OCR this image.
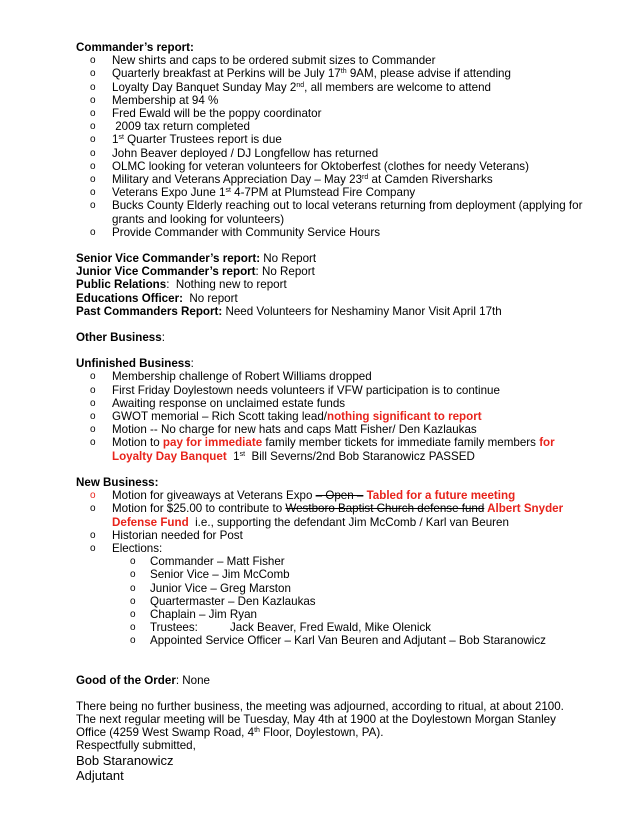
Commander’s report:
o New shirts and caps to be ordered submit sizes to Commander
o Quarterly breakfast at Perkins will be July 17th 9AM, please advise if attending
o Loyalty Day Banquet Sunday May 2nd, all members are welcome to attend
o Membership at 94 %
o Fred Ewald will be the poppy coordinator
o  2009 tax return completed
o 1st Quarter Trustees report is due
o John Beaver deployed / DJ Longfellow has returned
o OLMC looking for veteran volunteers for Oktoberfest (clothes for needy Veterans)
o Military and Veterans Appreciation Day – May 23rd at Camden Riversharks
o Veterans Expo June 1st 4-7PM at Plumstead Fire Company
o Bucks County Elderly reaching out to local veterans returning from deployment (applying for grants and looking for volunteers)
o Provide Commander with Community Service Hours
Senior Vice Commander’s report: No Report
Junior Vice Commander’s report: No Report
Public Relations:  Nothing new to report
Educations Officer:  No report
Past Commanders Report: Need Volunteers for Neshaminy Manor Visit April 17th
Other Business:
Unfinished Business:
o Membership challenge of Robert Williams dropped
o First Friday Doylestown needs volunteers if VFW participation is to continue
o Awaiting response on unclaimed estate funds
o GWOT memorial – Rich Scott taking lead/nothing significant to report
o Motion -- No charge for new hats and caps Matt Fisher/ Den Kazlaukas
o Motion to pay for immediate family member tickets for immediate family members for Loyalty Day Banquet  1st  Bill Severns/2nd Bob Staranowicz PASSED
New Business:
o Motion for giveaways at Veterans Expo – Open – Tabled for a future meeting
o Motion for $25.00 to contribute to Westboro Baptist Church defense fund Albert Snyder Defense Fund  i.e., supporting the defendant Jim McComb / Karl van Beuren
o Historian needed for Post
o Elections:
o Commander – Matt Fisher
o Senior Vice – Jim McComb
o Junior Vice – Greg Marston
o Quartermaster – Den Kazlaukas
o Chaplain – Jim Ryan
o Trustees:	Jack Beaver, Fred Ewald, Mike Olenick
o Appointed Service Officer – Karl Van Beuren and Adjutant – Bob Staranowicz
Good of the Order: None
There being no further business, the meeting was adjourned, according to ritual, at about 2100.
The next regular meeting will be Tuesday, May 4th at 1900 at the Doylestown Morgan Stanley
Office (4259 West Swamp Road, 4th Floor, Doylestown, PA).
Respectfully submitted,
Bob Staranowicz
Adjutant
